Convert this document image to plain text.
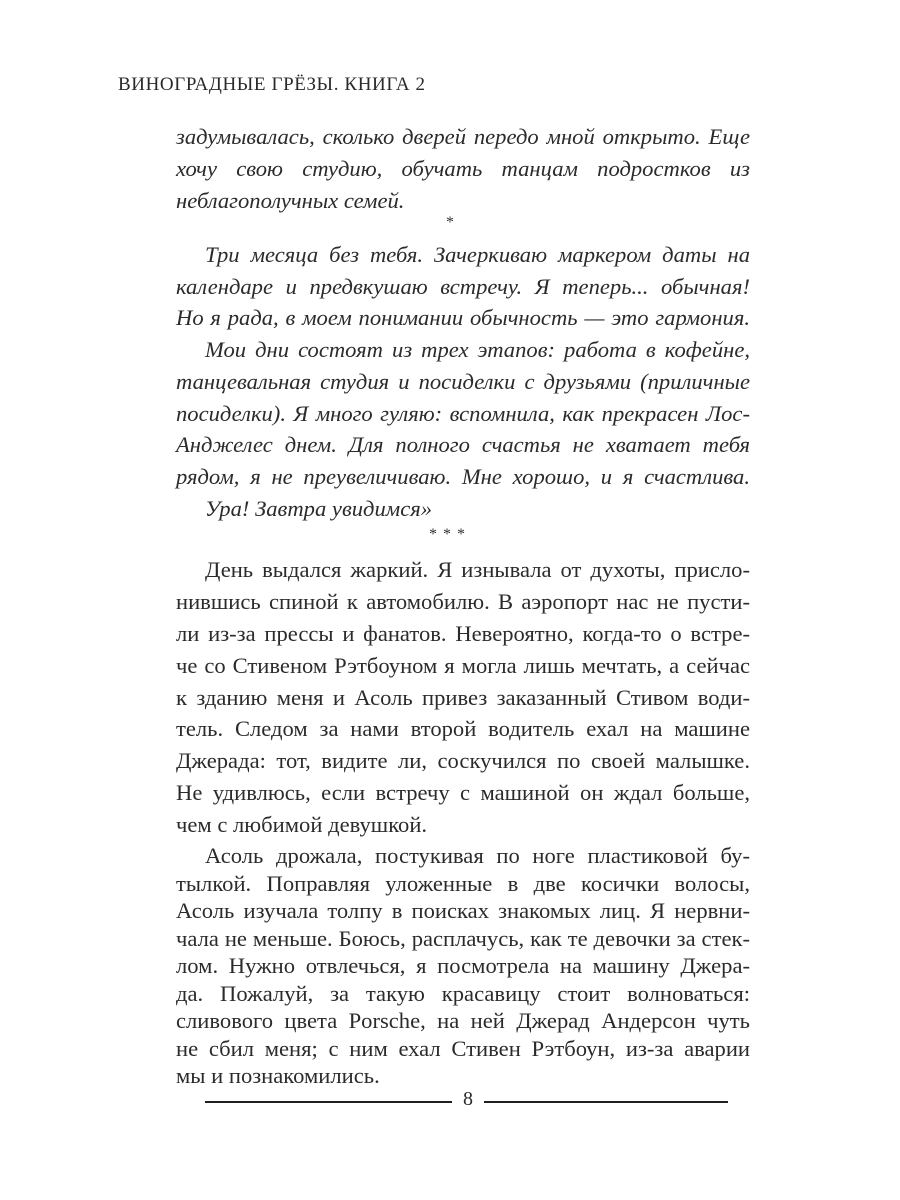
ВИНОГРАДНЫЕ ГРЁЗЫ. КНИГА 2
задумывалась, сколько дверей передо мной открыто. Еще
хочу свою студию, обучать танцам подростков из
неблагополучных семей.
*
Три месяца без тебя. Зачеркиваю маркером даты на
календаре и предвкушаю встречу. Я теперь... обычная!
Но я рада, в моем понимании обычность — это гармония.
Мои дни состоят из трех этапов: работа в кофейне,
танцевальная студия и посиделки с друзьями (приличные
посиделки). Я много гуляю: вспомнила, как прекрасен Лос-
Анджелес днем. Для полного счастья не хватает тебя
рядом, я не преувеличиваю. Мне хорошо, и я счастлива.
Ура! Завтра увидимся»
***
День выдался жаркий. Я изнывала от духоты, присло-
нившись спиной к автомобилю. В аэропорт нас не пусти-
ли из-за прессы и фанатов. Невероятно, когда-то о встре-
че со Стивеном Рэтбоуном я могла лишь мечтать, а сейчас
к зданию меня и Асоль привез заказанный Стивом води-
тель. Следом за нами второй водитель ехал на машине
Джерада: тот, видите ли, соскучился по своей малышке.
Не удивлюсь, если встречу с машиной он ждал больше,
чем с любимой девушкой.
Асоль дрожала, постукивая по ноге пластиковой бу-
тылкой. Поправляя уложенные в две косички волосы,
Асоль изучала толпу в поисках знакомых лиц. Я нервни-
чала не меньше. Боюсь, расплачусь, как те девочки за стек-
лом. Нужно отвлечься, я посмотрела на машину Джера-
да. Пожалуй, за такую красавицу стоит волноваться:
сливового цвета Porsche, на ней Джерад Андерсон чуть
не сбил меня; с ним ехал Стивен Рэтбоун, из-за аварии
мы и познакомились.
8
